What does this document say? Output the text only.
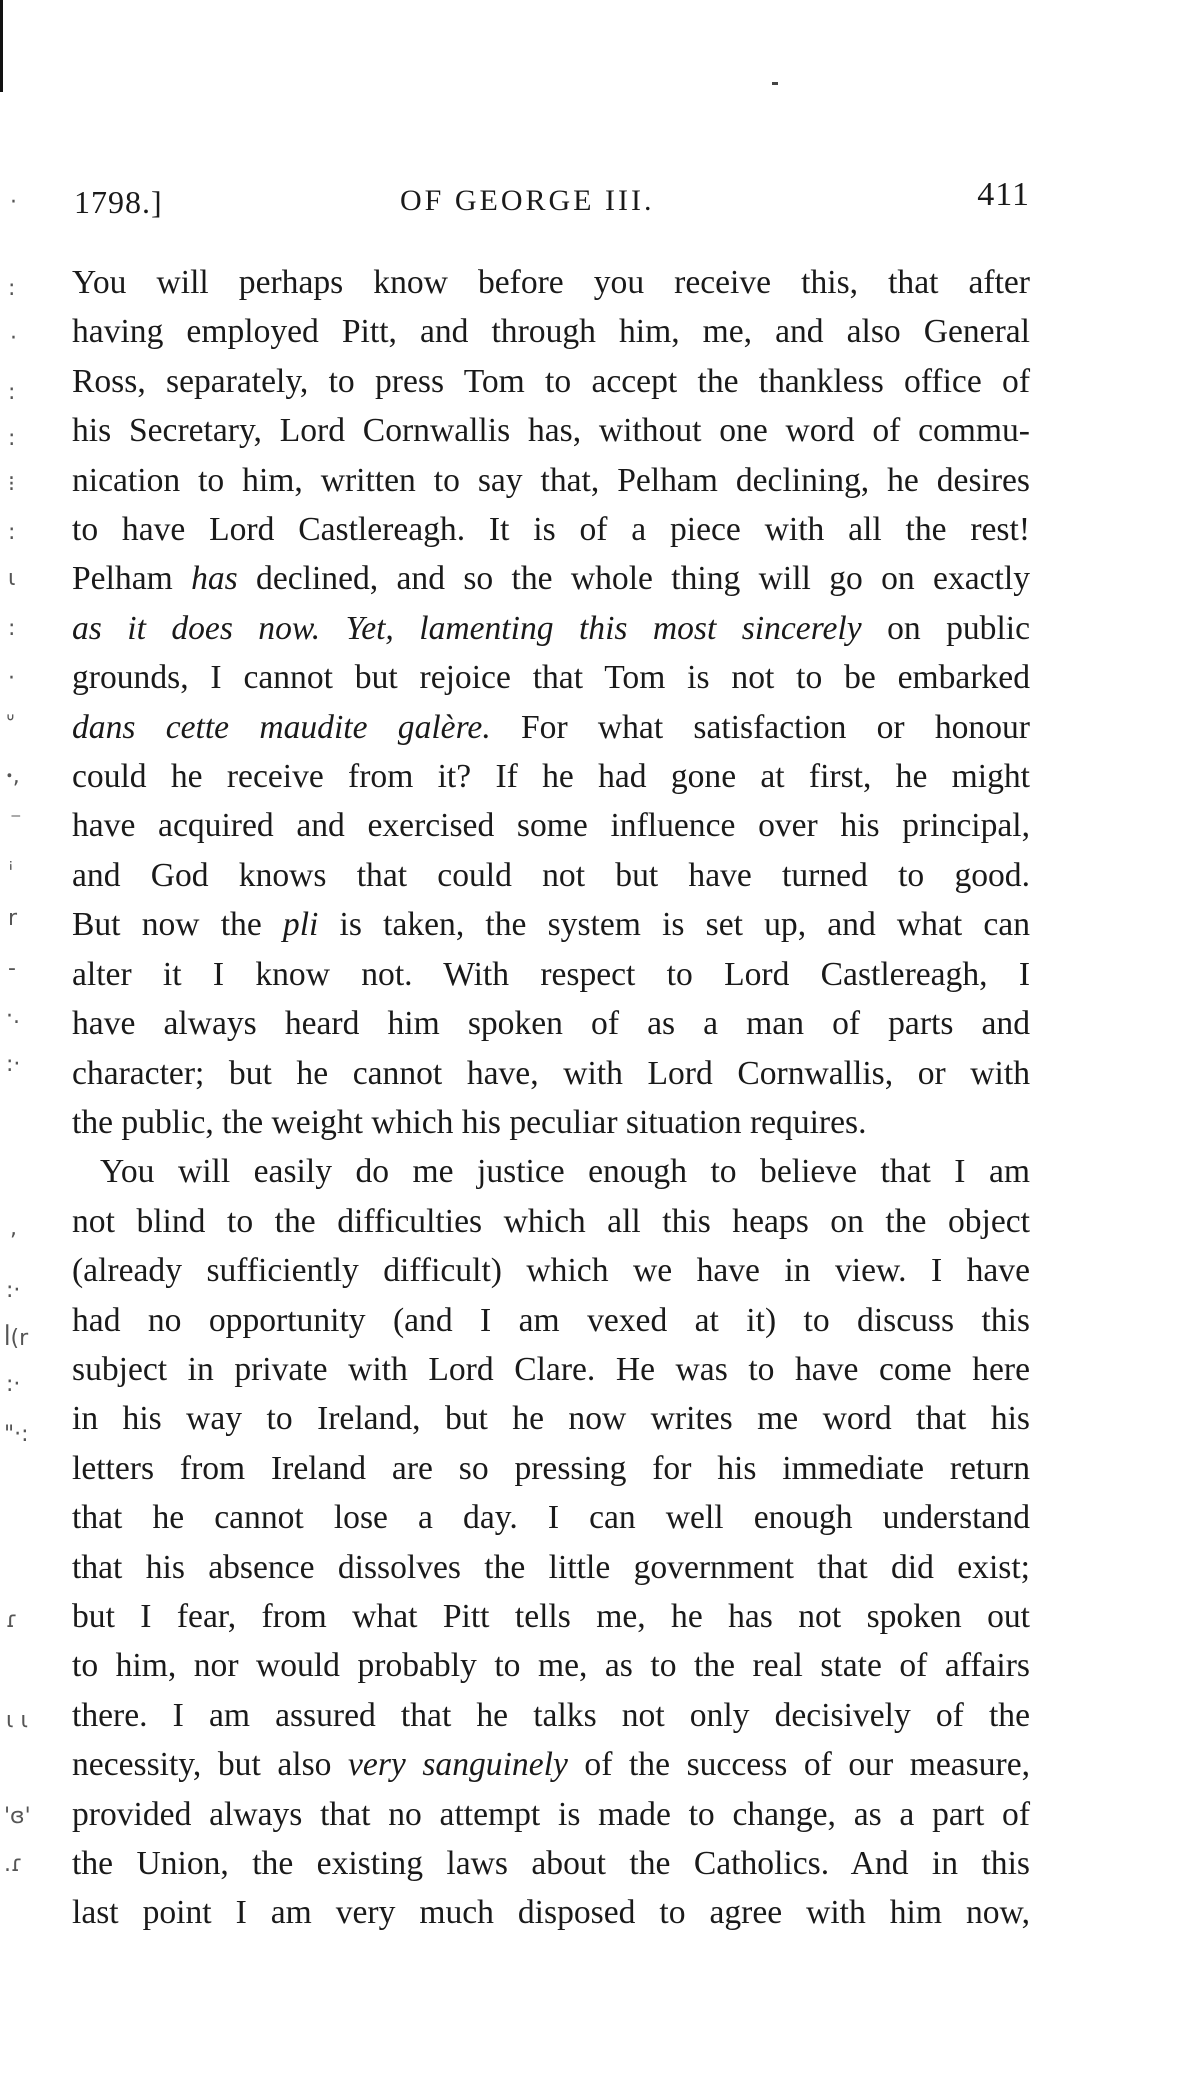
·
:
·
:
:
⁝
:
ɩ
:
·
ᐡ
ꞏ,
⁻
ꜞ
r
-
·.
:·
,
:·
ꟾ(r
:·
"·:
ɾ
ι ι
ꞌɞ'
.ɾ
1798.]	OF GEORGE III.	411

You will perhaps know before you receive this, that after
having employed Pitt, and through him, me, and also General
Ross, separately, to press Tom to accept the thankless office of
his Secretary, Lord Cornwallis has, without one word of commu-
nication to him, written to say that, Pelham declining, he desires
to have Lord Castlereagh. It is of a piece with all the rest!
Pelham has declined, and so the whole thing will go on exactly
as it does now. Yet, lamenting this most sincerely on public
grounds, I cannot but rejoice that Tom is not to be embarked
dans cette maudite galère. For what satisfaction or honour
could he receive from it? If he had gone at first, he might
have acquired and exercised some influence over his principal,
and God knows that could not but have turned to good.
But now the pli is taken, the system is set up, and what can
alter it I know not. With respect to Lord Castlereagh, I
have always heard him spoken of as a man of parts and
character; but he cannot have, with Lord Cornwallis, or with
the public, the weight which his peculiar situation requires.

You will easily do me justice enough to believe that I am
not blind to the difficulties which all this heaps on the object
(already sufficiently difficult) which we have in view. I have
had no opportunity (and I am vexed at it) to discuss this
subject in private with Lord Clare. He was to have come here
in his way to Ireland, but he now writes me word that his
letters from Ireland are so pressing for his immediate return
that he cannot lose a day. I can well enough understand
that his absence dissolves the little government that did exist;
but I fear, from what Pitt tells me, he has not spoken out
to him, nor would probably to me, as to the real state of affairs
there. I am assured that he talks not only decisively of the
necessity, but also very sanguinely of the success of our measure,
provided always that no attempt is made to change, as a part of
the Union, the existing laws about the Catholics. And in this
last point I am very much disposed to agree with him now,
